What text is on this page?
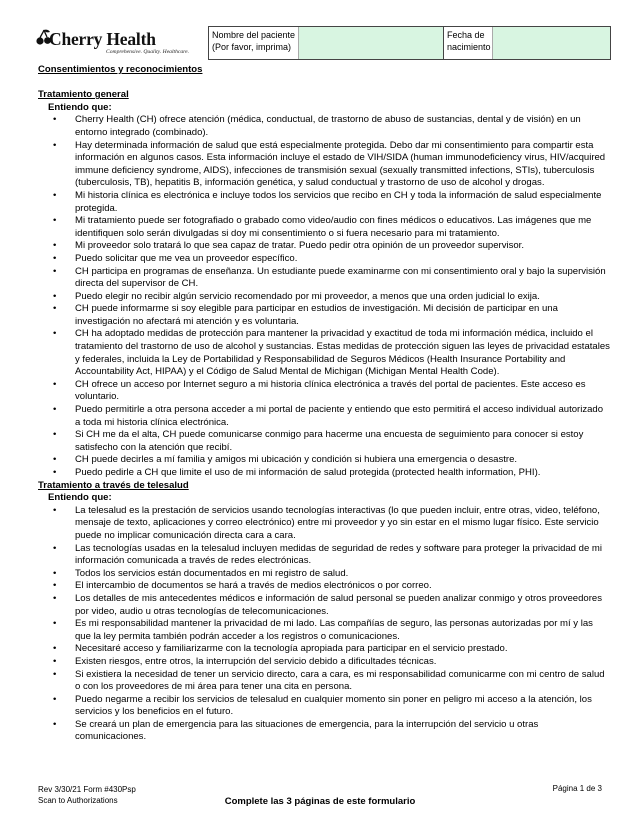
Cherry Health
Comprehensive. Quality. Healthcare.
Nombre del paciente
(Por favor, imprima)
Fecha de
nacimiento

Consentimientos y reconocimientos

Tratamiento general

Entiendo que:

• Cherry Health (CH) ofrece atención (médica, conductual, de trastorno de abuso de sustancias, dental y de visión) en un entorno integrado (combinado).
• Hay determinada información de salud que está especialmente protegida. Debo dar mi consentimiento para compartir esta información en algunos casos. Esta información incluye el estado de VIH/SIDA (human immunodeficiency virus, HIV/acquired immune deficiency syndrome, AIDS), infecciones de transmisión sexual (sexually transmitted infections, STIs), tuberculosis (tuberculosis, TB), hepatitis B, información genética, y salud conductual y trastorno de uso de alcohol y drogas.
• Mi historia clínica es electrónica e incluye todos los servicios que recibo en CH y toda la información de salud especialmente protegida.
• Mi tratamiento puede ser fotografiado o grabado como video/audio con fines médicos o educativos. Las imágenes que me identifiquen solo serán divulgadas si doy mi consentimiento o si fuera necesario para mi tratamiento.
• Mi proveedor solo tratará lo que sea capaz de tratar. Puedo pedir otra opinión de un proveedor supervisor.
• Puedo solicitar que me vea un proveedor específico.
• CH participa en programas de enseñanza. Un estudiante puede examinarme con mi consentimiento oral y bajo la supervisión directa del supervisor de CH.
• Puedo elegir no recibir algún servicio recomendado por mi proveedor, a menos que una orden judicial lo exija.
• CH puede informarme si soy elegible para participar en estudios de investigación. Mi decisión de participar en una investigación no afectará mi atención y es voluntaria.
• CH ha adoptado medidas de protección para mantener la privacidad y exactitud de toda mi información médica, incluido el tratamiento del trastorno de uso de alcohol y sustancias. Estas medidas de protección siguen las leyes de privacidad estatales y federales, incluida la Ley de Portabilidad y Responsabilidad de Seguros Médicos (Health Insurance Portability and Accountability Act, HIPAA) y el Código de Salud Mental de Michigan (Michigan Mental Health Code).
• CH ofrece un acceso por Internet seguro a mi historia clínica electrónica a través del portal de pacientes. Este acceso es voluntario.
• Puedo permitirle a otra persona acceder a mi portal de paciente y entiendo que esto permitirá el acceso individual autorizado a toda mi historia clínica electrónica.
• Si CH me da el alta, CH puede comunicarse conmigo para hacerme una encuesta de seguimiento para conocer si estoy satisfecho con la atención que recibí.
• CH puede decirles a mí familia y amigos mi ubicación y condición si hubiera una emergencia o desastre.
• Puedo pedirle a CH que limite el uso de mi información de salud protegida (protected health information, PHI).

Tratamiento a través de telesalud

Entiendo que:

• La telesalud es la prestación de servicios usando tecnologías interactivas (lo que pueden incluir, entre otras, video, teléfono, mensaje de texto, aplicaciones y correo electrónico) entre mi proveedor y yo sin estar en el mismo lugar físico. Este servicio puede no implicar comunicación directa cara a cara.
• Las tecnologías usadas en la telesalud incluyen medidas de seguridad de redes y software para proteger la privacidad de mi información comunicada a través de redes electrónicas.
• Todos los servicios están documentados en mi registro de salud.
• El intercambio de documentos se hará a través de medios electrónicos o por correo.
• Los detalles de mis antecedentes médicos e información de salud personal se pueden analizar conmigo y otros proveedores por video, audio u otras tecnologías de telecomunicaciones.
• Es mi responsabilidad mantener la privacidad de mi lado. Las compañías de seguro, las personas autorizadas por mí y las que la ley permita también podrán acceder a los registros o comunicaciones.
• Necesitaré acceso y familiarizarme con la tecnología apropiada para participar en el servicio prestado.
• Existen riesgos, entre otros, la interrupción del servicio debido a dificultades técnicas.
• Si existiera la necesidad de tener un servicio directo, cara a cara, es mi responsabilidad comunicarme con mi centro de salud o con los proveedores de mi área para tener una cita en persona.
• Puedo negarme a recibir los servicios de telesalud en cualquier momento sin poner en peligro mi acceso a la atención, los servicios y los beneficios en el futuro.
• Se creará un plan de emergencia para las situaciones de emergencia, para la interrupción del servicio u otras comunicaciones.
Rev 3/30/21 Form #430Psp
Scan to Authorizations	Complete las 3 páginas de este formulario
Página 1 de 3
